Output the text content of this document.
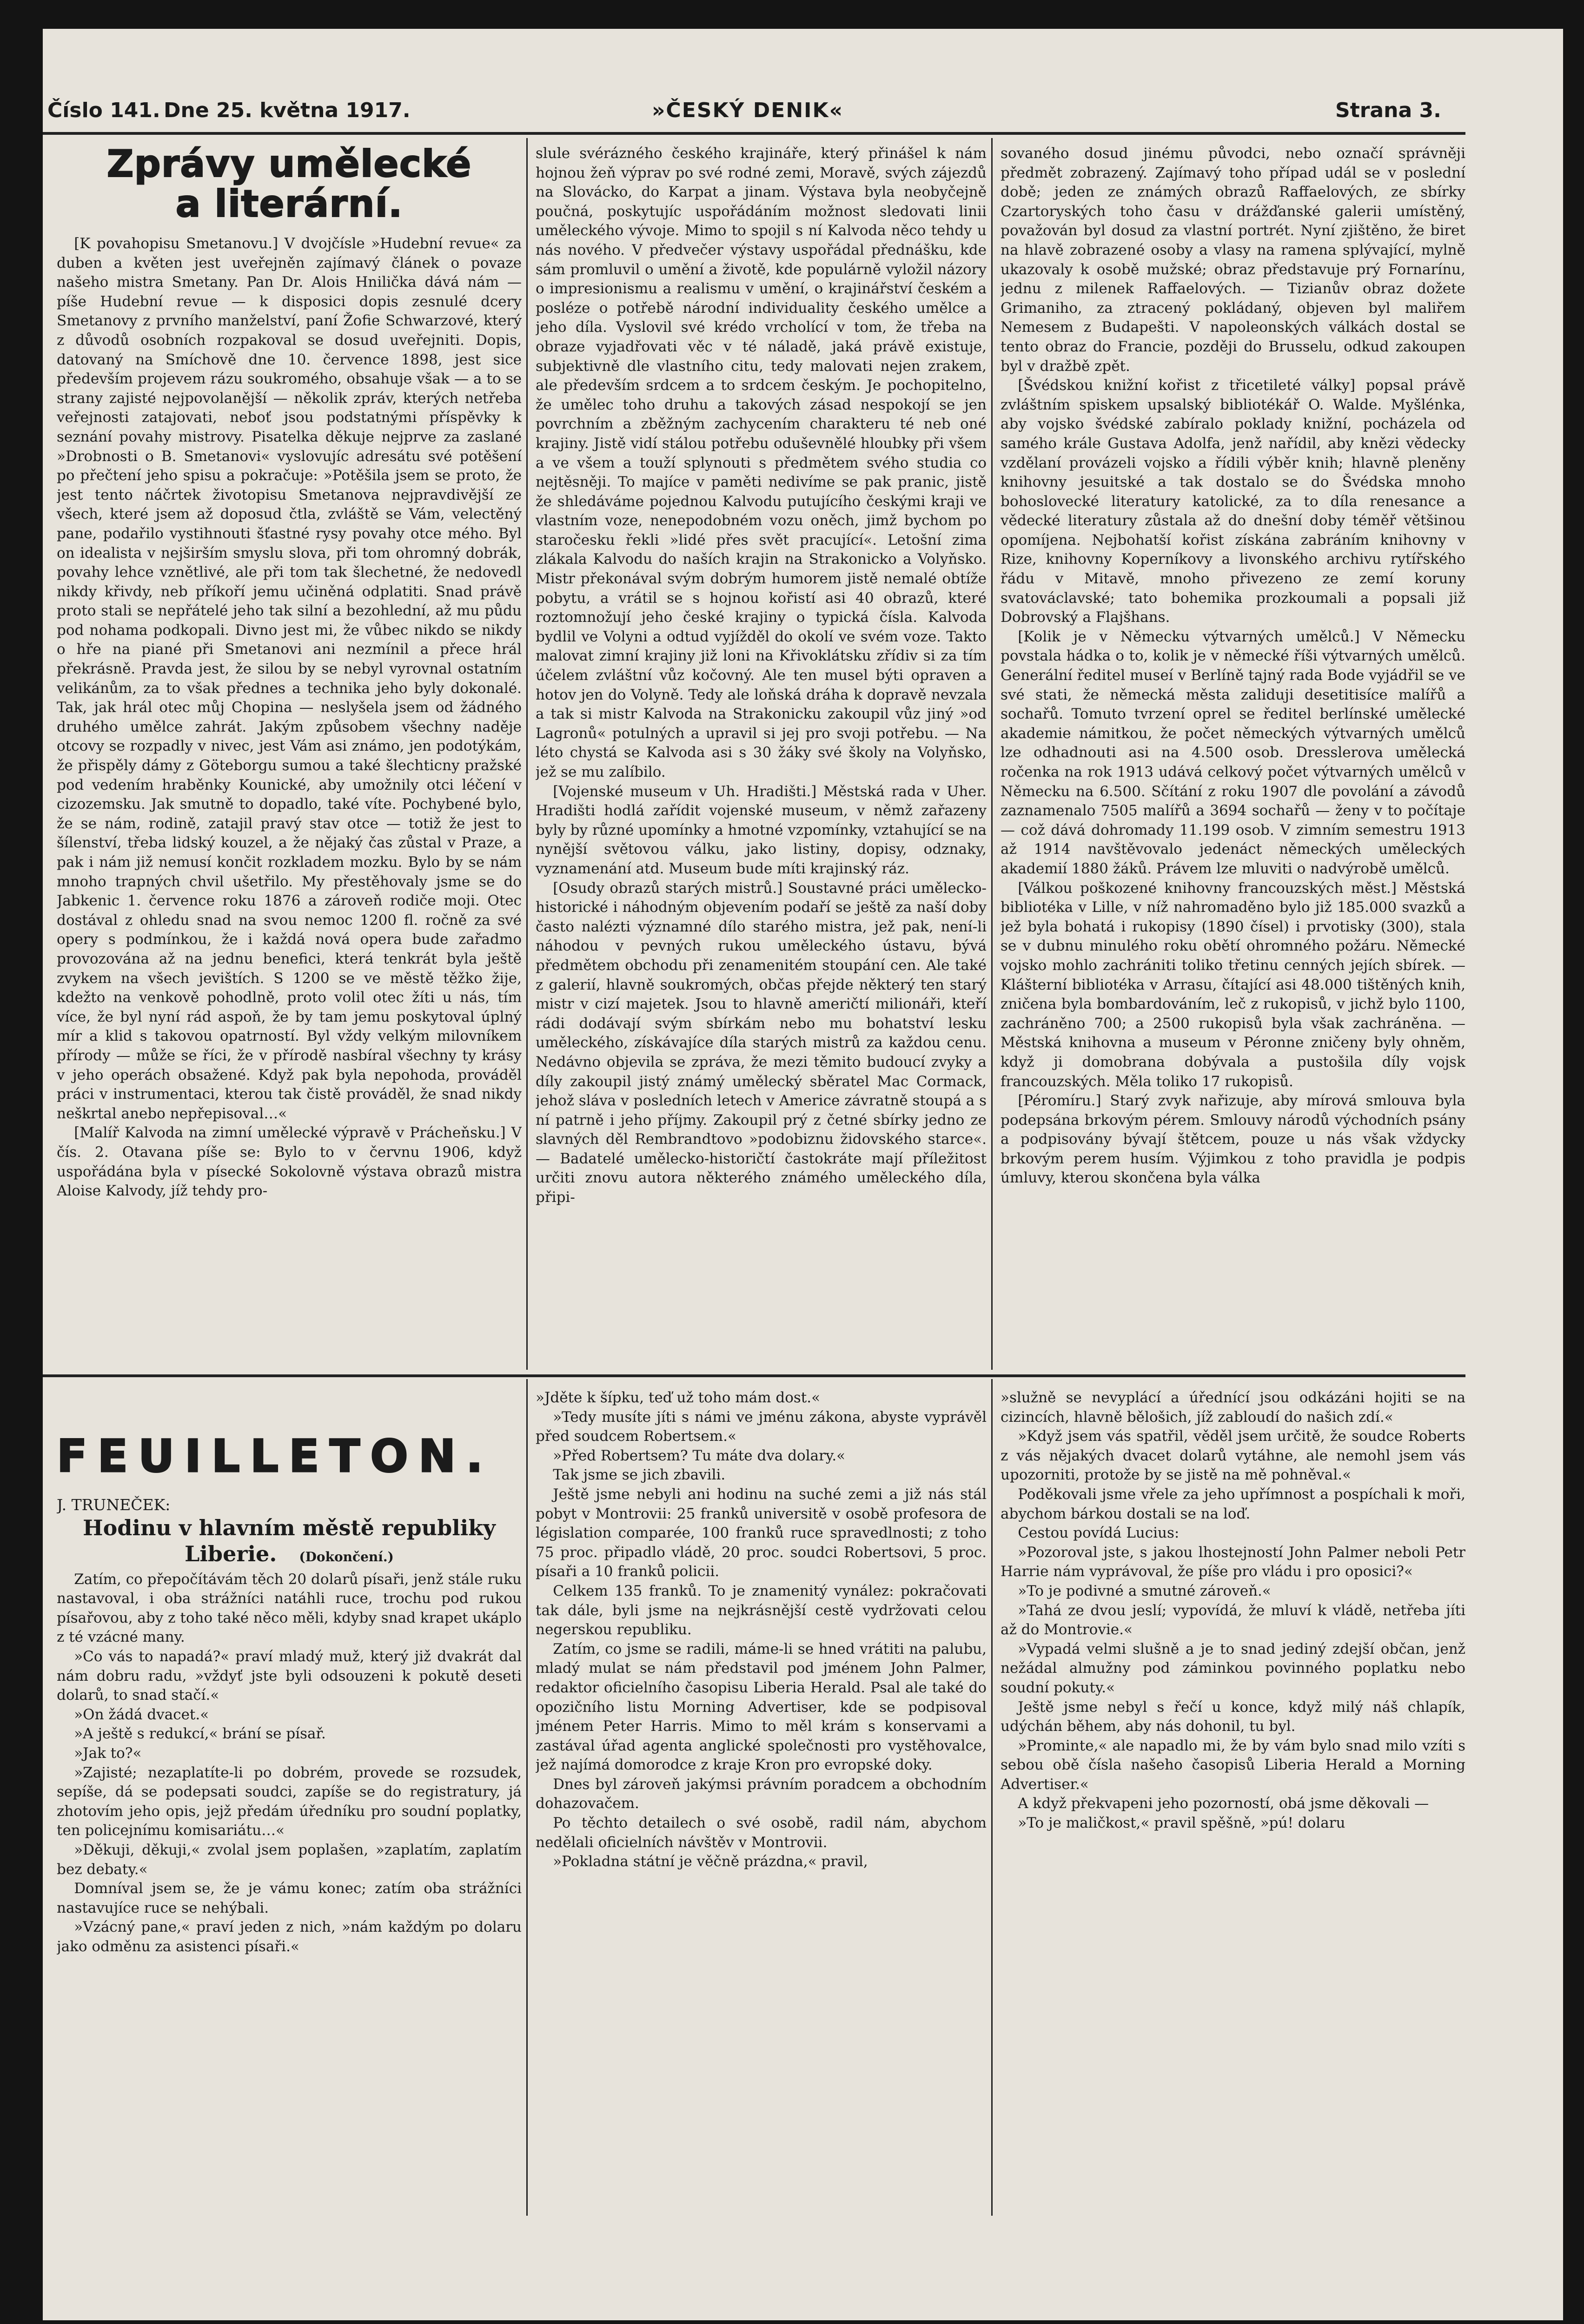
Číslo 141. Dne 25. května 1917.	»ČESKÝ DENIK«	Strana 3.
Zprávy umělecké
a literární.

[K povahopisu Smetanovu.] V dvojčísle »Hudební revue« za duben a květen jest uveřejněn zajímavý článek o povaze našeho mistra Smetany. Pan Dr. Alois Hnilička dává nám — píše Hudební revue — k disposici dopis zesnulé dcery Smetanovy z prvního manželství, paní Žofie Schwarzové, který z důvodů osobních rozpakoval se dosud uveřejniti. Dopis, datovaný na Smíchově dne 10. července 1898, jest sice především projevem rázu soukromého, obsahuje však — a to se strany zajisté nejpovolanější — několik zpráv, kterých netřeba veřejnosti zatajovati, neboť jsou podstatnými příspěvky k seznání povahy mistrovy. Pisatelka děkuje nejprve za zaslané »Drobnosti o B. Smetanovi« vyslovujíc adresátu své potěšení po přečtení jeho spisu a pokračuje: »Potěšila jsem se proto, že jest tento náčrtek životopisu Smetanova nejpravdivější ze všech, které jsem až doposud čtla, zvláště se Vám, velectěný pane, podařilo vystihnouti šťastné rysy povahy otce mého. Byl on idealista v nejširším smyslu slova, při tom ohromný dobrák, povahy lehce vznětlivé, ale při tom tak šlechetné, že nedovedl nikdy křivdy, neb příkoří jemu učiněná odplatiti. Snad právě proto stali se nepřátelé jeho tak silní a bezohlední, až mu půdu pod nohama podkopali. Divno jest mi, že vůbec nikdo se nikdy o hře na piané při Smetanovi ani nezmínil a přece hrál překrásně. Pravda jest, že silou by se nebyl vyrovnal ostatním velikánům, za to však přednes a technika jeho byly dokonalé. Tak, jak hrál otec můj Chopina — neslyšela jsem od žádného druhého umělce zahrát. Jakým způsobem všechny naděje otcovy se rozpadly v nivec, jest Vám asi známo, jen podotýkám, že přispěly dámy z Göteborgu sumou a také šlechticny pražské pod vedením hraběnky Kounické, aby umožnily otci léčení v cizozemsku. Jak smutně to dopadlo, také víte. Pochybené bylo, že se nám, rodině, zatajil pravý stav otce — totiž že jest to šílenství, třeba lidský kouzel, a že nějaký čas zůstal v Praze, a pak i nám již nemusí končit rozkladem mozku. Bylo by se nám mnoho trapných chvil ušetřilo. My přestěhovaly jsme se do Jabkenic 1. července roku 1876 a zároveň rodiče moji. Otec dostával z ohledu snad na svou nemoc 1200 fl. ročně za své opery s podmínkou, že i každá nová opera bude zařadmo provozována až na jednu benefici, která tenkrát byla ještě zvykem na všech jevištích. S 1200 se ve městě těžko žije, kdežto na venkově pohodlně, proto volil otec žíti u nás, tím více, že byl nyní rád aspoň, že by tam jemu poskytoval úplný mír a klid s takovou opatrností. Byl vždy velkým milovníkem přírody — může se říci, že v přírodě nasbíral všechny ty krásy v jeho operách obsažené. Když pak byla nepohoda, prováděl práci v instrumentaci, kterou tak čistě prováděl, že snad nikdy neškrtal anebo nepřepisoval…«

[Malíř Kalvoda na zimní umělecké výpravě v Prácheňsku.] V čís. 2. Otavana píše se: Bylo to v červnu 1906, když uspořádána byla v písecké Sokolovně výstava obrazů mistra Aloise Kalvody, jíž tehdy pro-

slule svérázného českého krajináře, který přinášel k nám hojnou žeň výprav po své rodné zemi, Moravě, svých zájezdů na Slovácko, do Karpat a jinam. Výstava byla neobyčejně poučná, poskytujíc uspořádáním možnost sledovati linii uměleckého vývoje. Mimo to spojil s ní Kalvoda něco tehdy u nás nového. V předvečer výstavy uspořádal přednášku, kde sám promluvil o umění a životě, kde populárně vyložil názory o impresionismu a realismu v umění, o krajinářství českém a posléze o potřebě národní individuality českého umělce a jeho díla. Vyslovil své krédo vrcholící v tom, že třeba na obraze vyjadřovati věc v té náladě, jaká právě existuje, subjektivně dle vlastního citu, tedy malovati nejen zrakem, ale především srdcem a to srdcem českým. Je pochopitelno, že umělec toho druhu a takových zásad nespokojí se jen povrchním a zběžným zachycením charakteru té neb oné krajiny. Jistě vidí stálou potřebu oduševnělé hloubky při všem a ve všem a touží splynouti s předmětem svého studia co nejtěsněji. To majíce v paměti nedivíme se pak pranic, jistě že shledáváme pojednou Kalvodu putujícího českými kraji ve vlastním voze, nenepodobném vozu oněch, jimž bychom po staročesku řekli »lidé přes svět pracující«. Letošní zima zlákala Kalvodu do naších krajin na Strakonicko a Volyňsko. Mistr překonával svým dobrým humorem jistě nemalé obtíže pobytu, a vrátil se s hojnou kořistí asi 40 obrazů, které roztomnožují jeho české krajiny o typická čísla. Kalvoda bydlil ve Volyni a odtud vyjížděl do okolí ve svém voze. Takto malovat zimní krajiny již loni na Křivoklátsku zřídiv si za tím účelem zvláštní vůz kočovný. Ale ten musel býti opraven a hotov jen do Volyně. Tedy ale loňská dráha k dopravě nevzala a tak si mistr Kalvoda na Strakonicku zakoupil vůz jiný »od Lagronů« potulných a upravil si jej pro svoji potřebu. — Na léto chystá se Kalvoda asi s 30 žáky své školy na Volyňsko, jež se mu zalíbilo.

[Vojenské museum v Uh. Hradišti.] Městská rada v Uher. Hradišti hodlá zařídit vojenské museum, v němž zařazeny byly by různé upomínky a hmotné vzpomínky, vztahující se na nynější světovou válku, jako listiny, dopisy, odznaky, vyznamenání atd. Museum bude míti krajinský ráz.

[Osudy obrazů starých mistrů.] Soustavné práci umělecko-historické i náhodným objevením podaří se ještě za naší doby často nalézti významné dílo starého mistra, jež pak, není-li náhodou v pevných rukou uměleckého ústavu, bývá předmětem obchodu při zenamenitém stoupání cen. Ale také z galerií, hlavně soukromých, občas přejde některý ten starý mistr v cizí majetek. Jsou to hlavně američtí milionáři, kteří rádi dodávají svým sbírkám nebo mu bohatství lesku uměleckého, získávajíce díla starých mistrů za každou cenu. Nedávno objevila se zpráva, že mezi těmito budoucí zvyky a díly zakoupil jistý známý umělecký sběratel Mac Cormack, jehož sláva v posledních letech v Americe závratně stoupá a s ní patrně i jeho příjmy. Zakoupil prý z četné sbírky jedno ze slavných děl Rembrandtovo »podobiznu židovského starce«. — Badatelé umělecko-historičtí častokráte mají příležitost určiti znovu autora některého známého uměleckého díla, připi-

sovaného dosud jinému původci, nebo označí správněji předmět zobrazený. Zajímavý toho případ udál se v poslední době; jeden ze známých obrazů Raffaelových, ze sbírky Czartoryských toho času v drážďanské galerii umístěný, považován byl dosud za vlastní portrét. Nyní zjištěno, že biret na hlavě zobrazené osoby a vlasy na ramena splývající, mylně ukazovaly k osobě mužské; obraz představuje prý Fornarínu, jednu z milenek Raffaelových. — Tizianův obraz dožete Grimaniho, za ztracený pokládaný, objeven byl maliřem Nemesem z Budapešti. V napoleonských válkách dostal se tento obraz do Francie, později do Brusselu, odkud zakoupen byl v dražbě zpět.

[Švédskou knižní kořist z třicetileté války] popsal právě zvláštním spiskem upsalský bibliotékář O. Walde. Myšlénka, aby vojsko švédské zabíralo poklady knižní, pocházela od samého krále Gustava Adolfa, jenž nařídil, aby knězi vědecky vzdělaní provázeli vojsko a řídili výběr knih; hlavně pleněny knihovny jesuitské a tak dostalo se do Švédska mnoho bohoslovecké literatury katolické, za to díla renesance a vědecké literatury zůstala až do dnešní doby téměř většinou opomíjena. Nejbohatší kořist získána zabráním knihovny v Rize, knihovny Koperníkovy a livonského archivu rytířského řádu v Mitavě, mnoho přivezeno ze zemí koruny svatováclavské; tato bohemika prozkoumali a popsali již Dobrovský a Flajšhans.

[Kolik je v Německu výtvarných umělců.] V Německu povstala hádka o to, kolik je v německé říši výtvarných umělců. Generální ředitel museí v Berlíně tajný rada Bode vyjádřil se ve své stati, že německá města zaliduji desetitisíce malířů a sochařů. Tomuto tvrzení oprel se ředitel berlínské umělecké akademie námitkou, že počet německých výtvarných umělců lze odhadnouti asi na 4.500 osob. Dresslerova umělecká ročenka na rok 1913 udává celkový počet výtvarných umělců v Německu na 6.500. Sčítání z roku 1907 dle povolání a závodů zaznamenalo 7505 malířů a 3694 sochařů — ženy v to počítaje — což dává dohromady 11.199 osob. V zimním semestru 1913 až 1914 navštěvovalo jedenáct německých uměleckých akademií 1880 žáků. Právem lze mluviti o nadvýrobě umělců.

[Válkou poškozené knihovny francouzských měst.] Městská bibliotéka v Lille, v níž nahromaděno bylo již 185.000 svazků a jež byla bohatá i rukopisy (1890 čísel) i prvotisky (300), stala se v dubnu minulého roku obětí ohromného požáru. Německé vojsko mohlo zachrániti toliko třetinu cenných jejích sbírek. — Klášterní bibliotéka v Arrasu, čítající asi 48.000 tištěných knih, zničena byla bombardováním, leč z rukopisů, v jichž bylo 1100, zachráněno 700; a 2500 rukopisů byla však zachráněna. — Městská knihovna a museum v Péronne zničeny byly ohněm, když ji domobrana dobývala a pustošila díly vojsk francouzských. Měla toliko 17 rukopisů.

[Péromíru.] Starý zvyk nařizuje, aby mírová smlouva byla podepsána brkovým pérem. Smlouvy národů východních psány a podpisovány bývají štětcem, pouze u nás však vždycky brkovým perem husím. Výjimkou z toho pravidla je podpis úmluvy, kterou skončena byla válka

FEUILLETON.

J. TRUNEČEK:

Hodinu v hlavním městě republiky
Liberie. (Dokončení.)

Zatím, co přepočítávám těch 20 dolarů písaři, jenž stále ruku nastavoval, i oba strážníci natáhli ruce, trochu pod rukou písařovou, aby z toho také něco měli, kdyby snad krapet ukáplo z té vzácné many.

»Co vás to napadá?« praví mladý muž, který již dvakrát dal nám dobru radu, »vždyť jste byli odsouzeni k pokutě deseti dolarů, to snad stačí.«

»On žádá dvacet.«

»A ještě s redukcí,« brání se písař.

»Jak to?«

»Zajisté; nezaplatíte-li po dobrém, provede se rozsudek, sepíše, dá se podepsati soudci, zapíše se do registratury, já zhotovím jeho opis, jejž předám úředníku pro soudní poplatky, ten policejnímu komisariátu…«

»Děkuji, děkuji,« zvolal jsem poplašen, »zaplatím, zaplatím bez debaty.«

Domníval jsem se, že je vámu konec; zatím oba strážníci nastavujíce ruce se nehýbali.

»Vzácný pane,« praví jeden z nich, »nám každým po dolaru jako odměnu za asistenci písaři.«

»Jděte k šípku, teď už toho mám dost.«

»Tedy musíte jíti s námi ve jménu zákona, abyste vyprávěl před soudcem Robertsem.«

»Před Robertsem? Tu máte dva dolary.«

Tak jsme se jich zbavili.

Ještě jsme nebyli ani hodinu na suché zemi a již nás stál pobyt v Montrovii: 25 franků universitě v osobě profesora de législation comparée, 100 franků ruce spravedlnosti; z toho 75 proc. připadlo vládě, 20 proc. soudci Robertsovi, 5 proc. písaři a 10 franků policii.

Celkem 135 franků. To je znamenitý vynález: pokračovati tak dále, byli jsme na nejkrásnější cestě vydržovati celou negerskou republiku.

Zatím, co jsme se radili, máme-li se hned vrátiti na palubu, mladý mulat se nám představil pod jménem John Palmer, redaktor oficielního časopisu Liberia Herald. Psal ale také do opozičního listu Morning Advertiser, kde se podpisoval jménem Peter Harris. Mimo to měl krám s konservami a zastával úřad agenta anglické společnosti pro vystěhovalce, jež najímá domorodce z kraje Kron pro evropské doky.

Dnes byl zároveň jakýmsi právním poradcem a obchodním dohazovačem.

Po těchto detailech o své osobě, radil nám, abychom nedělali oficielních návštěv v Montrovii.

»Pokladna státní je věčně prázdna,« pravil,

»služně se nevyplácí a úřednící jsou odkázáni hojiti se na cizincích, hlavně bělošich, jíž zabloudí do našich zdí.«

»Když jsem vás spatřil, věděl jsem určitě, že soudce Roberts z vás nějakých dvacet dolarů vytáhne, ale nemohl jsem vás upozorniti, protože by se jistě na mě pohněval.«

Poděkovali jsme vřele za jeho upřímnost a pospíchali k moři, abychom bárkou dostali se na loď.

Cestou povídá Lucius:

»Pozoroval jste, s jakou lhostejností John Palmer neboli Petr Harrie nám vyprávoval, že píše pro vládu i pro oposici?«

»To je podivné a smutné zároveň.«

»Tahá ze dvou jeslí; vypovídá, že mluví k vládě, netřeba jíti až do Montrovie.«

»Vypadá velmi slušně a je to snad jediný zdejší občan, jenž nežádal almužny pod záminkou povinného poplatku nebo soudní pokuty.«

Ještě jsme nebyl s řečí u konce, když milý náš chlapík, udýchán během, aby nás dohonil, tu byl.

»Prominte,« ale napadlo mi, že by vám bylo snad milo vzíti s sebou obě čísla našeho časopisů Liberia Herald a Morning Advertiser.«

A když překvapeni jeho pozorností, obá jsme děkovali —

»To je maličkost,« pravil spěšně, »pú! dolaru
